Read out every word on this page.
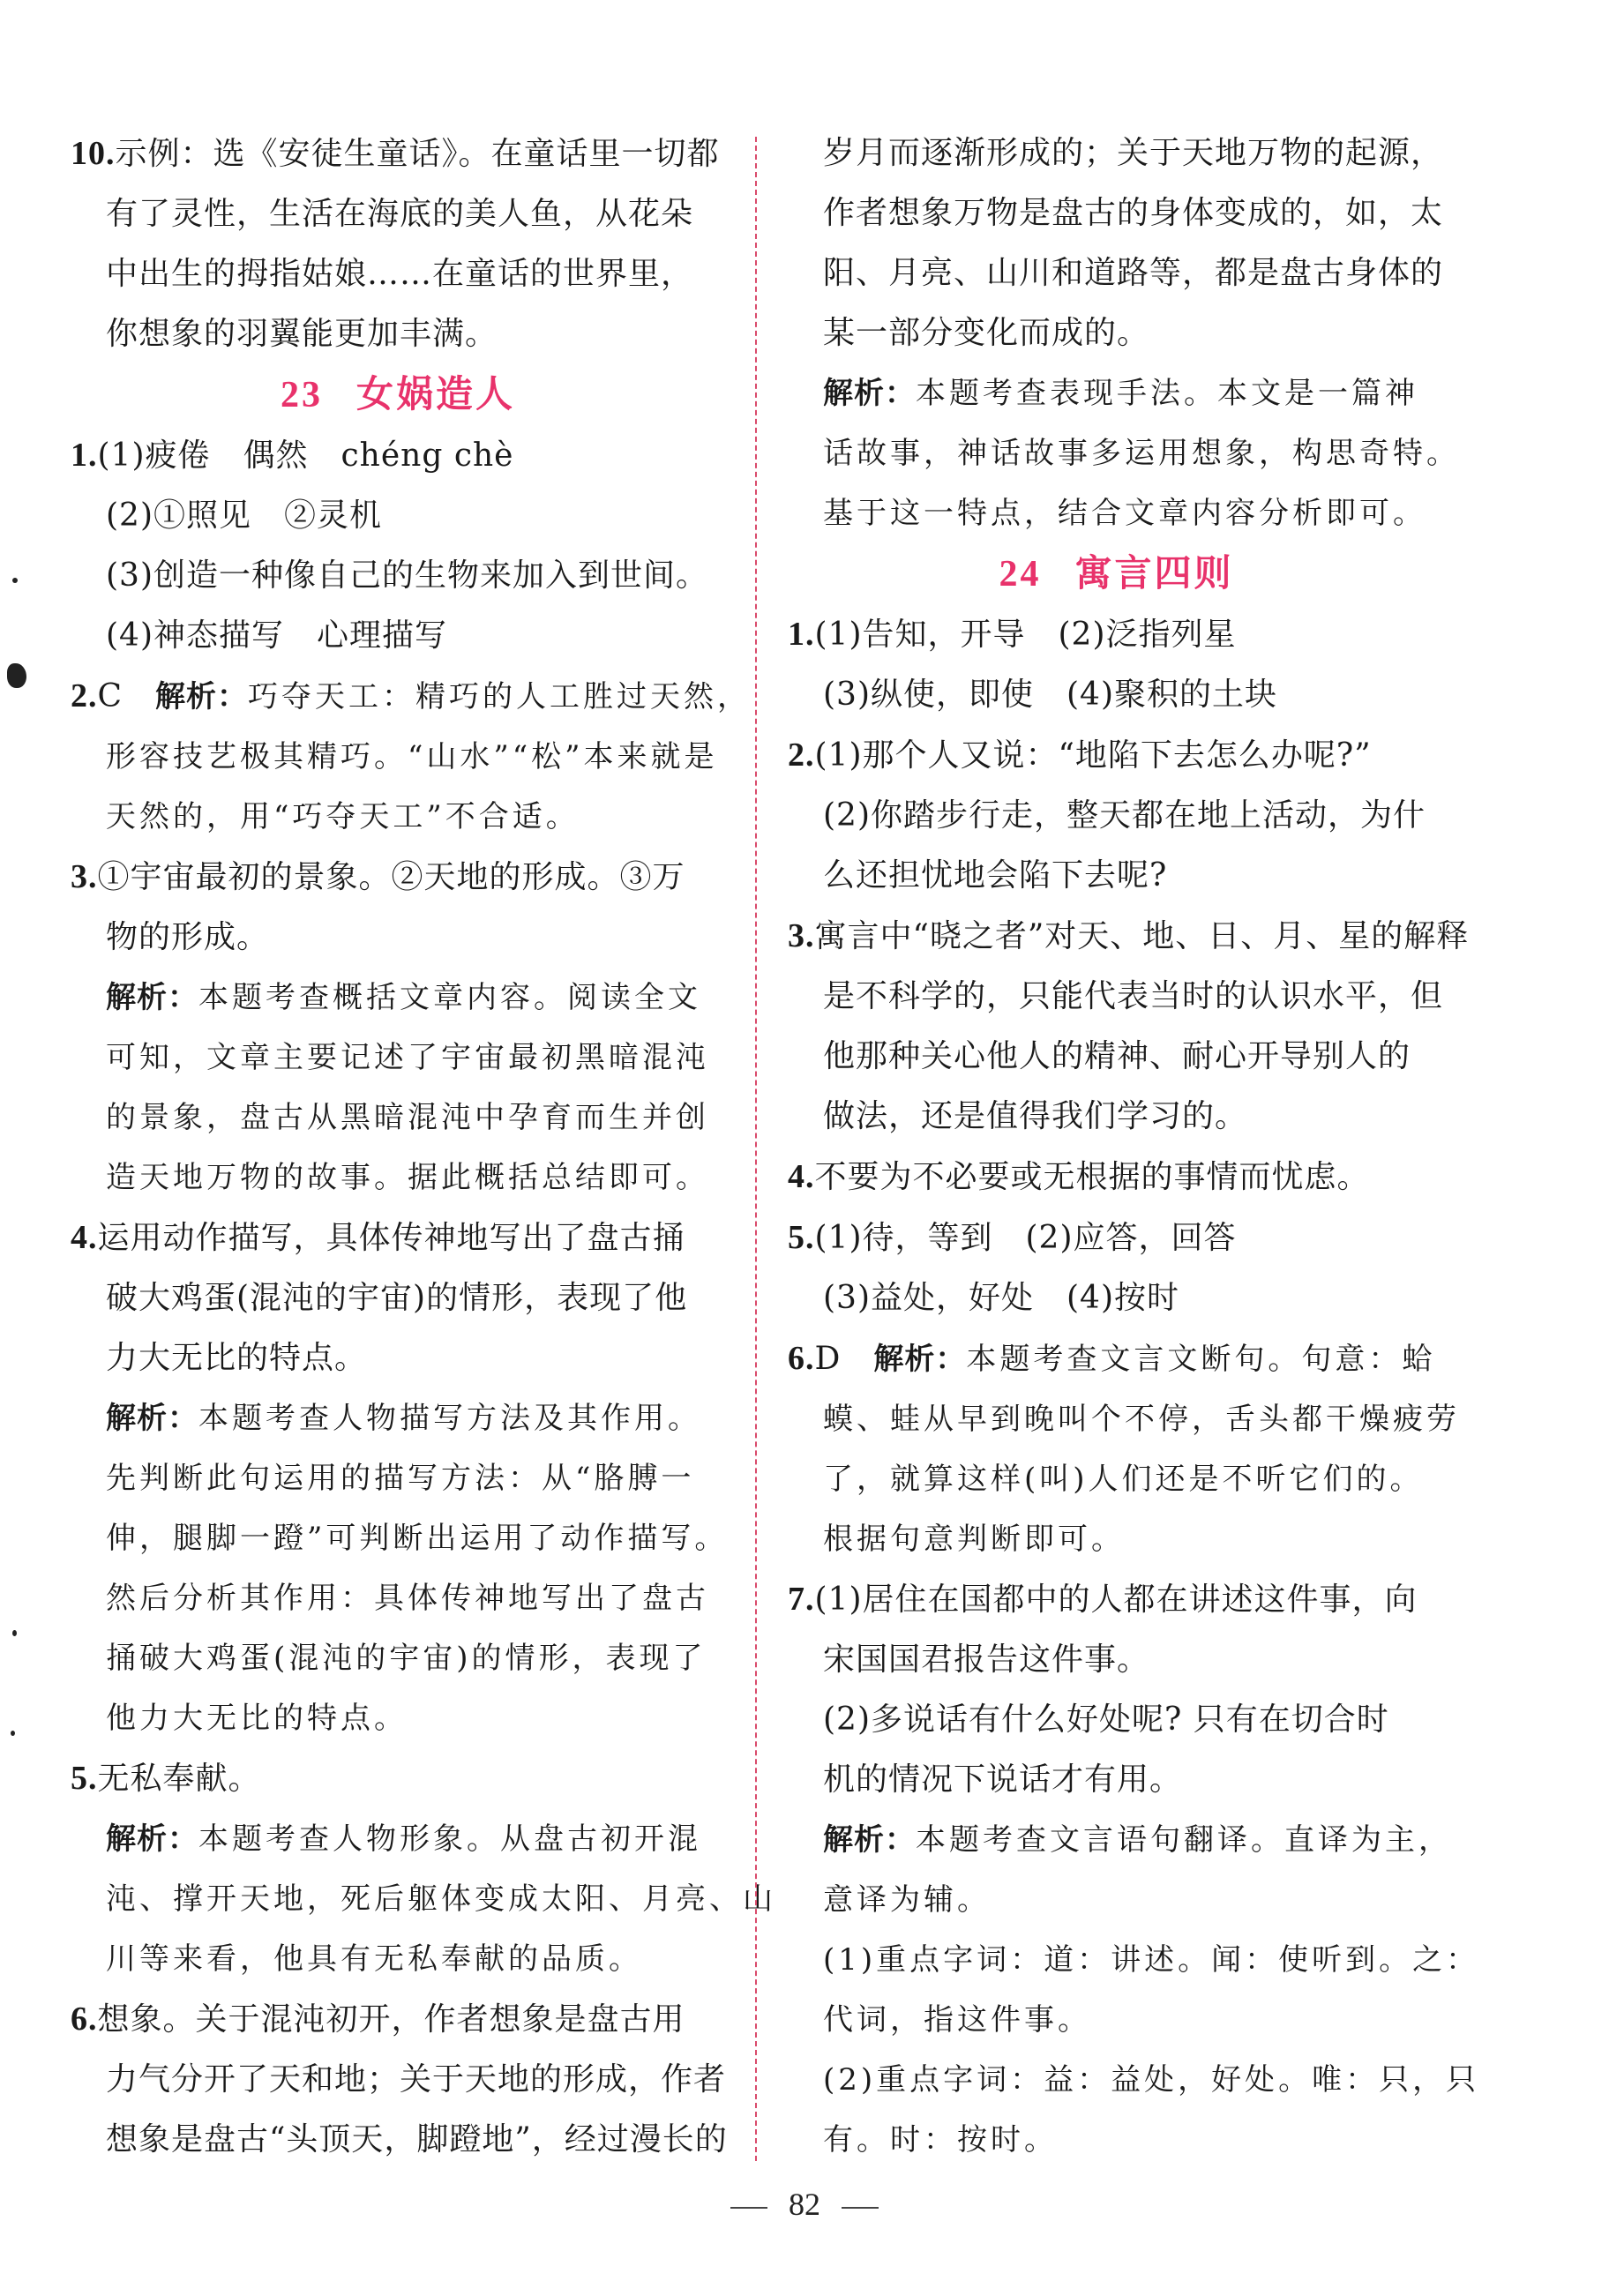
10.示例：选《安徒生童话》。在童话里一切都
有了灵性，生活在海底的美人鱼，从花朵
中出生的拇指姑娘……在童话的世界里，
你想象的羽翼能更加丰满。
23 女娲造人
1.(1)疲倦　偶然　chéng chè
(2)①照见　②灵机
(3)创造一种像自己的生物来加入到世间。
(4)神态描写　心理描写
2.C　解析：巧夺天工：精巧的人工胜过天然，
形容技艺极其精巧。“山水”“松”本来就是
天然的，用“巧夺天工”不合适。
3.①宇宙最初的景象。②天地的形成。③万
物的形成。
解析：本题考查概括文章内容。阅读全文
可知，文章主要记述了宇宙最初黑暗混沌
的景象，盘古从黑暗混沌中孕育而生并创
造天地万物的故事。据此概括总结即可。
4.运用动作描写，具体传神地写出了盘古捅
破大鸡蛋(混沌的宇宙)的情形，表现了他
力大无比的特点。
解析：本题考查人物描写方法及其作用。
先判断此句运用的描写方法：从“胳膊一
伸，腿脚一蹬”可判断出运用了动作描写。
然后分析其作用：具体传神地写出了盘古
捅破大鸡蛋(混沌的宇宙)的情形，表现了
他力大无比的特点。
5.无私奉献。
解析：本题考查人物形象。从盘古初开混
沌、撑开天地，死后躯体变成太阳、月亮、山
川等来看，他具有无私奉献的品质。
6.想象。关于混沌初开，作者想象是盘古用
力气分开了天和地；关于天地的形成，作者
想象是盘古“头顶天，脚蹬地”，经过漫长的
岁月而逐渐形成的；关于天地万物的起源，
作者想象万物是盘古的身体变成的，如，太
阳、月亮、山川和道路等，都是盘古身体的
某一部分变化而成的。
解析：本题考查表现手法。本文是一篇神
话故事，神话故事多运用想象，构思奇特。
基于这一特点，结合文章内容分析即可。
24 寓言四则
1.(1)告知，开导　(2)泛指列星
(3)纵使，即使　(4)聚积的土块
2.(1)那个人又说：“地陷下去怎么办呢?”
(2)你踏步行走，整天都在地上活动，为什
么还担忧地会陷下去呢?
3.寓言中“晓之者”对天、地、日、月、星的解释
是不科学的，只能代表当时的认识水平，但
他那种关心他人的精神、耐心开导别人的
做法，还是值得我们学习的。
4.不要为不必要或无根据的事情而忧虑。
5.(1)待，等到　(2)应答，回答
(3)益处，好处　(4)按时
6.D　解析：本题考查文言文断句。句意：蛤
蟆、蛙从早到晚叫个不停，舌头都干燥疲劳
了，就算这样(叫)人们还是不听它们的。
根据句意判断即可。
7.(1)居住在国都中的人都在讲述这件事，向
宋国国君报告这件事。
(2)多说话有什么好处呢? 只有在切合时
机的情况下说话才有用。
解析：本题考查文言语句翻译。直译为主，
意译为辅。
(1)重点字词：道：讲述。闻：使听到。之：
代词，指这件事。
(2)重点字词：益：益处，好处。唯：只，只
有。时：按时。
82
